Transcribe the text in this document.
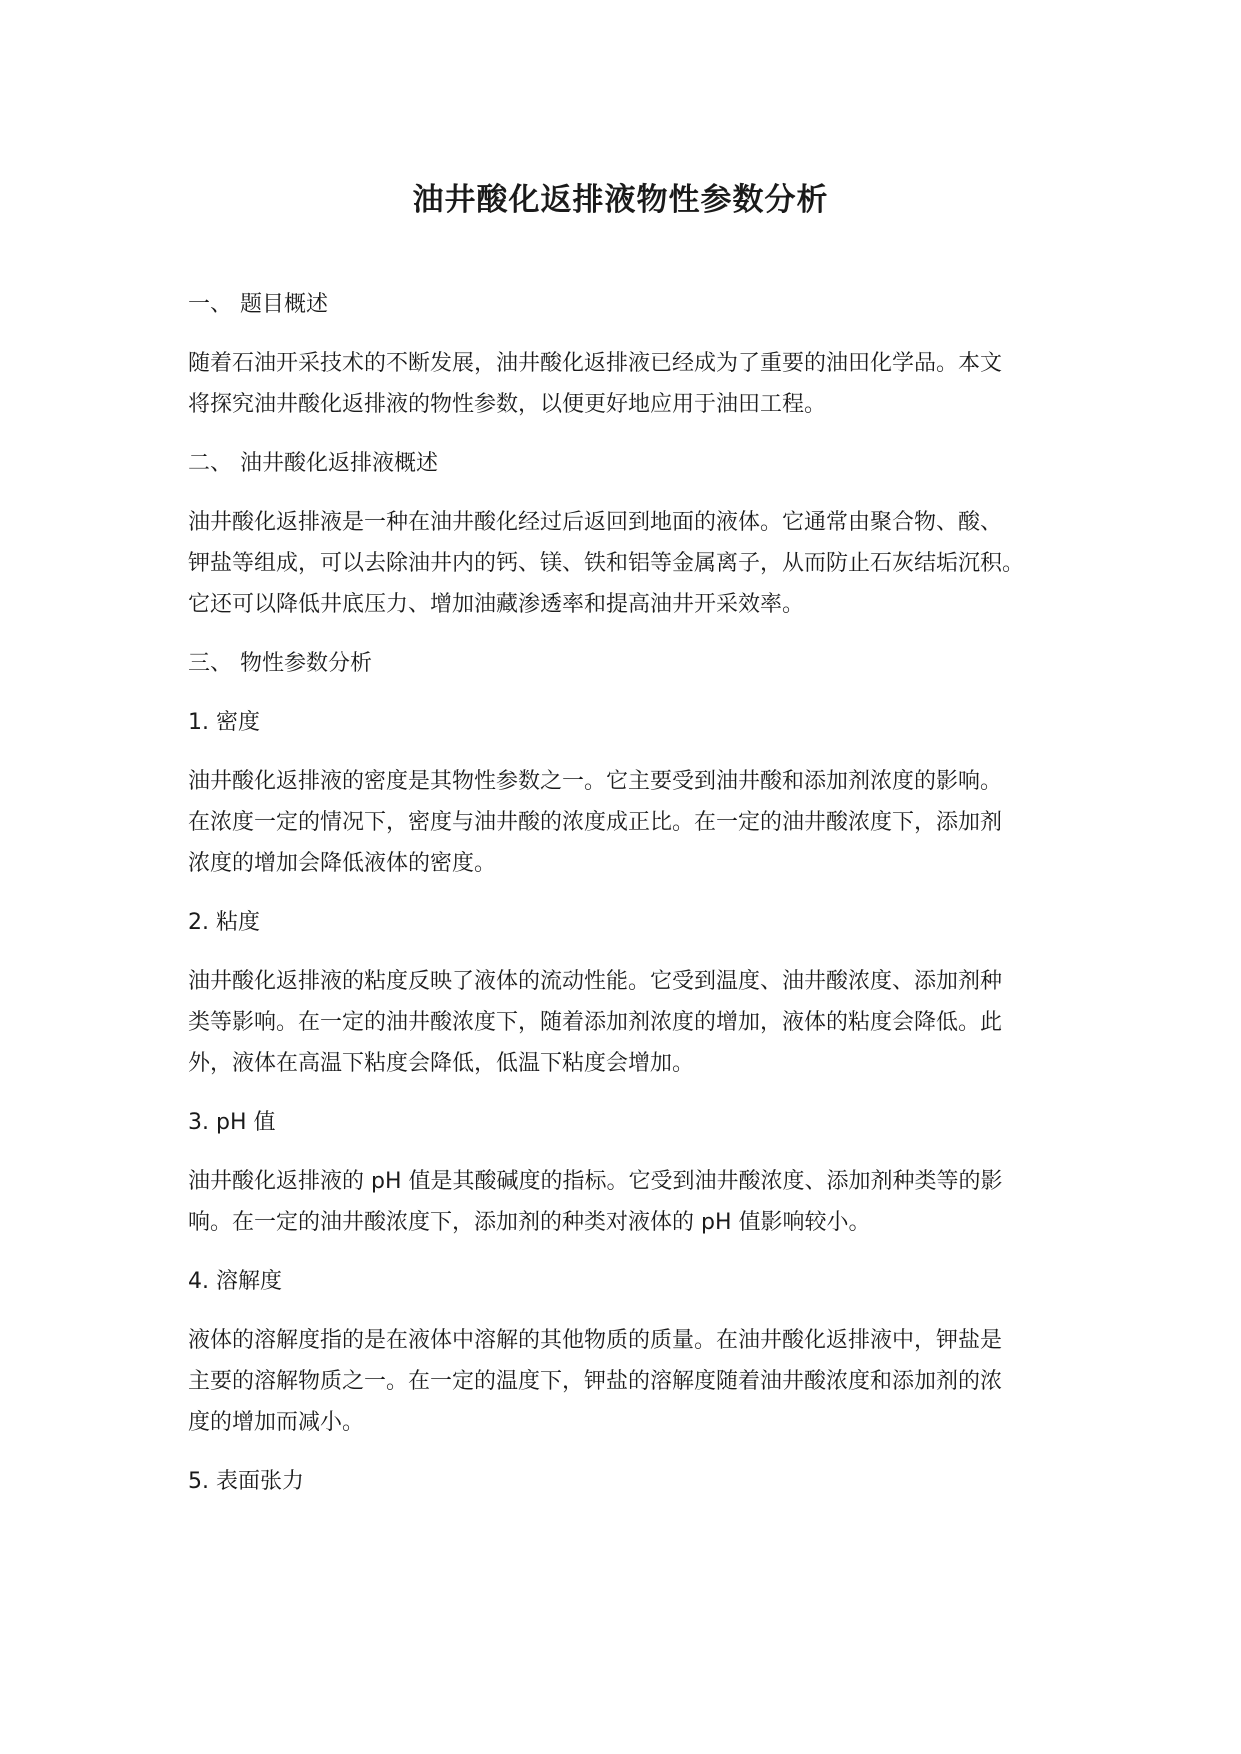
油井酸化返排液物性参数分析

一、 题目概述

随着石油开采技术的不断发展，油井酸化返排液已经成为了重要的油田化学品。本文
将探究油井酸化返排液的物性参数，以便更好地应用于油田工程。

二、 油井酸化返排液概述

油井酸化返排液是一种在油井酸化经过后返回到地面的液体。它通常由聚合物、酸、
钾盐等组成，可以去除油井内的钙、镁、铁和铝等金属离子，从而防止石灰结垢沉积。
它还可以降低井底压力、增加油藏渗透率和提高油井开采效率。

三、 物性参数分析

1. 密度

油井酸化返排液的密度是其物性参数之一。它主要受到油井酸和添加剂浓度的影响。
在浓度一定的情况下，密度与油井酸的浓度成正比。在一定的油井酸浓度下，添加剂
浓度的增加会降低液体的密度。

2. 粘度

油井酸化返排液的粘度反映了液体的流动性能。它受到温度、油井酸浓度、添加剂种
类等影响。在一定的油井酸浓度下，随着添加剂浓度的增加，液体的粘度会降低。此
外，液体在高温下粘度会降低，低温下粘度会增加。

3. pH 值

油井酸化返排液的 pH 值是其酸碱度的指标。它受到油井酸浓度、添加剂种类等的影
响。在一定的油井酸浓度下，添加剂的种类对液体的 pH 值影响较小。

4. 溶解度

液体的溶解度指的是在液体中溶解的其他物质的质量。在油井酸化返排液中，钾盐是
主要的溶解物质之一。在一定的温度下，钾盐的溶解度随着油井酸浓度和添加剂的浓
度的增加而减小。

5. 表面张力
